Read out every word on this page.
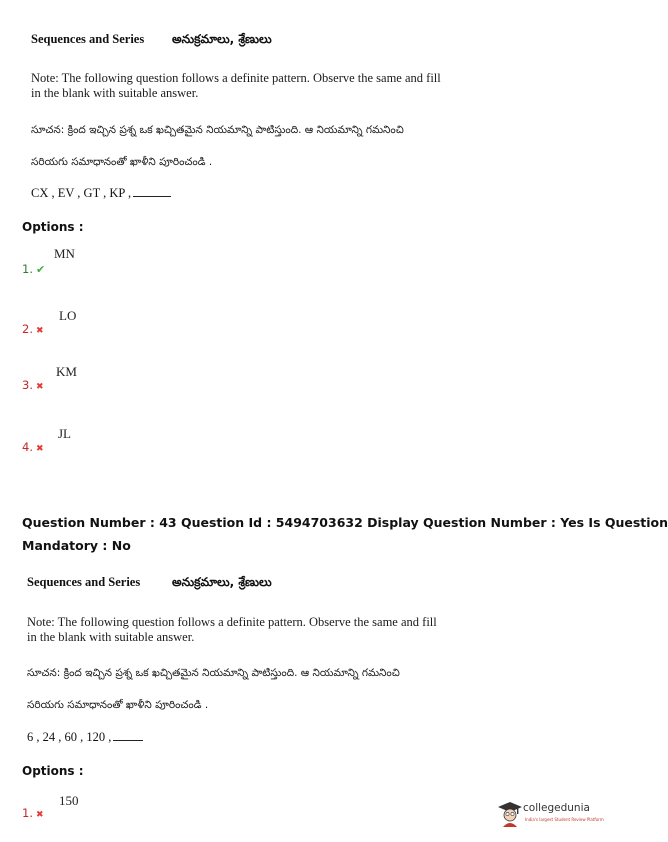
Sequences and Series అనుక్రమాలు, శ్రేణులు
Note: The following question follows a definite pattern. Observe the same and fill
in the blank with suitable answer.
సూచన: క్రింద ఇచ్చిన ప్రశ్న ఒక ఖచ్చితమైన నియమాన్ని పాటిస్తుంది. ఆ నియమాన్ని గమనించి
సరియగు సమాధానంతో ఖాళీని పూరించండి .
CX , EV , GT , KP ,
Options :
1. ✔
MN
2. ✖
LO
3. ✖
KM
4. ✖
JL
Question Number : 43 Question Id : 5494703632 Display Question Number : Yes Is Question
Mandatory : No
Sequences and Series	అనుక్రమాలు, శ్రేణులు
Note: The following question follows a definite pattern. Observe the same and fill
in the blank with suitable answer.
సూచన: క్రింద ఇచ్చిన ప్రశ్న ఒక ఖచ్చితమైన నియమాన్ని పాటిస్తుంది. ఆ నియమాన్ని గమనించి
సరియగు సమాధానంతో ఖాళీని పూరించండి .
6 , 24 , 60 , 120 ,
Options :
1. ✖
150	collegedunia
India's largest Student Review Platform
